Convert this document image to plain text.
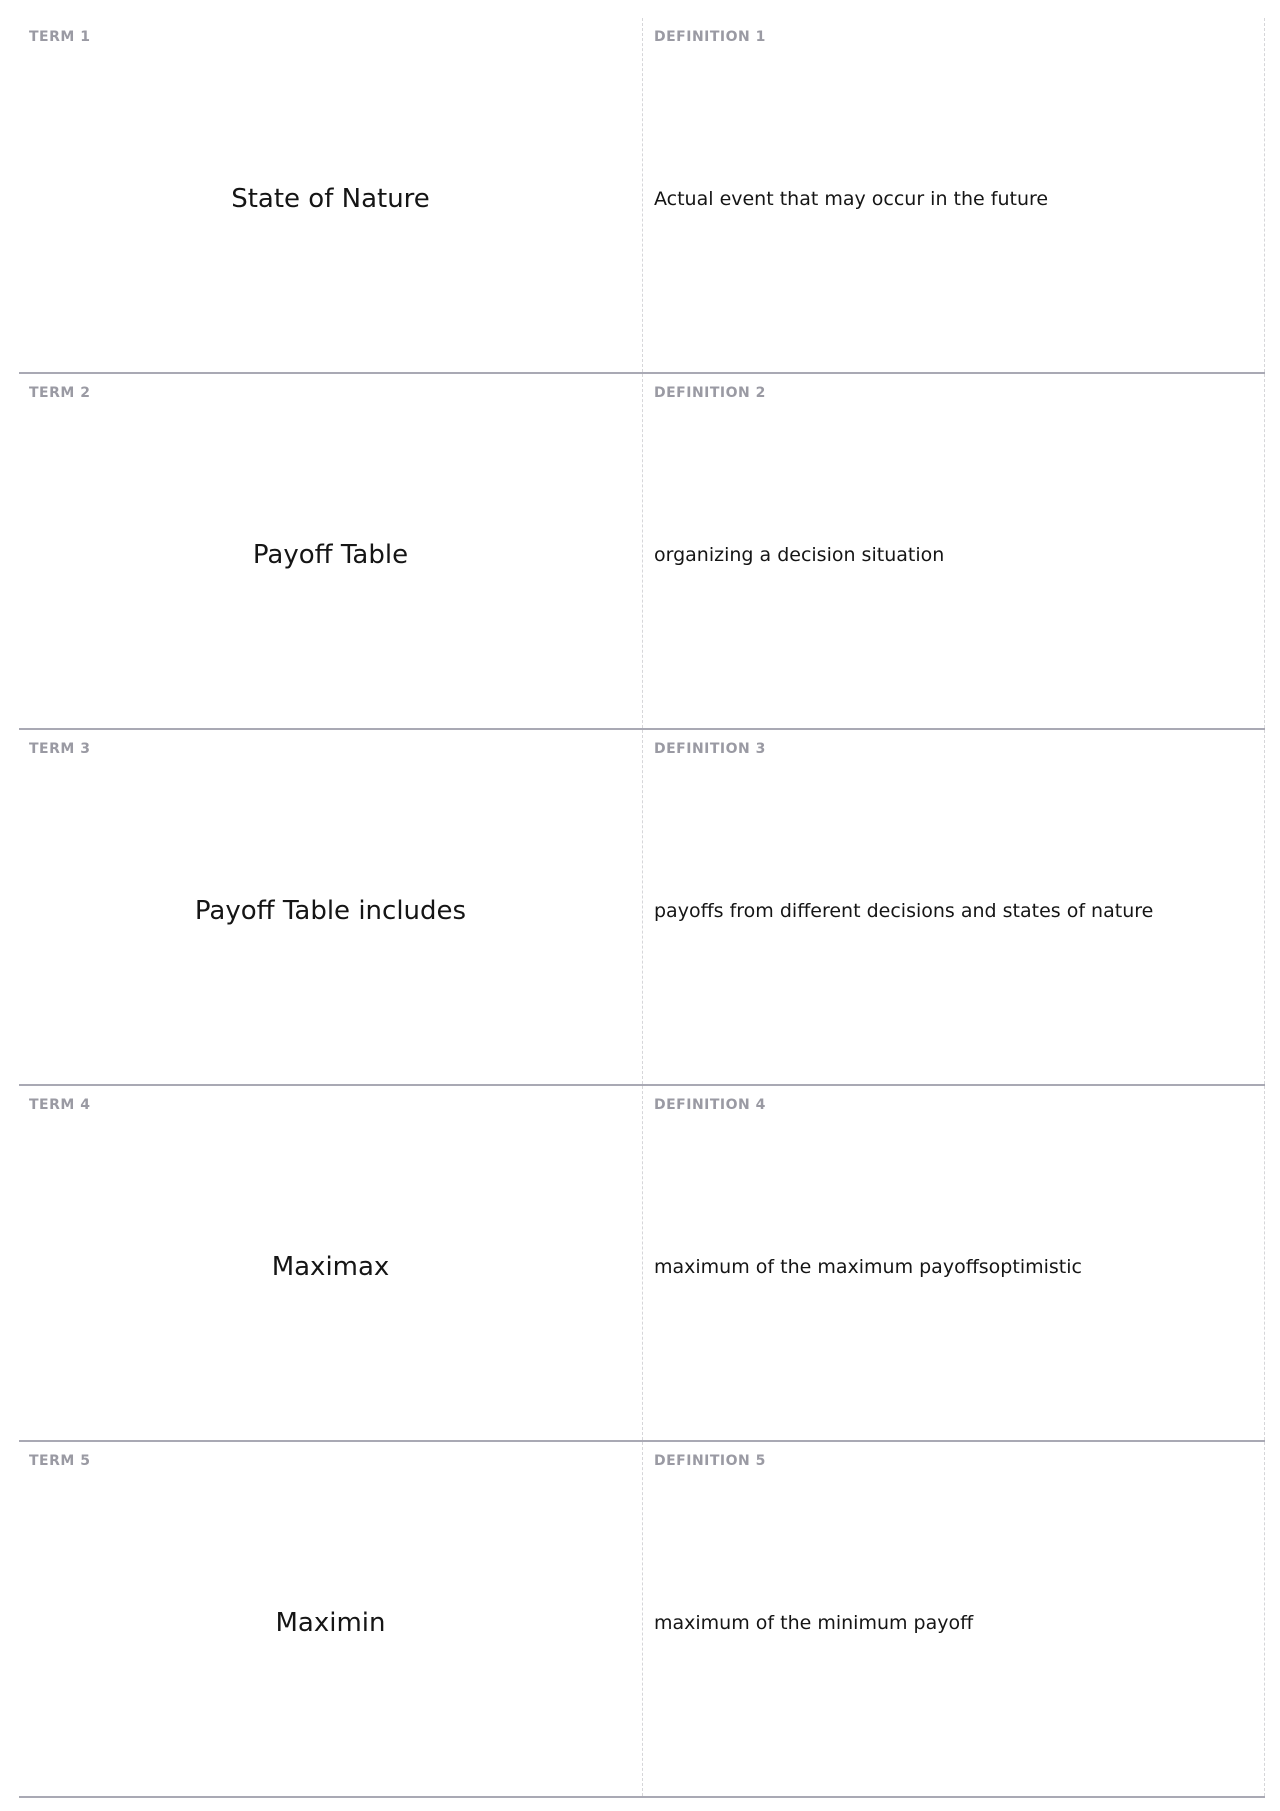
TERM 1
State of Nature
DEFINITION 1
Actual event that may occur in the future
TERM 2
Payoff Table
DEFINITION 2
organizing a decision situation
TERM 3
Payoff Table includes
DEFINITION 3
payoffs from different decisions and states of nature
TERM 4
Maximax
DEFINITION 4
maximum of the maximum payoffsoptimistic
TERM 5
Maximin
DEFINITION 5
maximum of the minimum payoff
